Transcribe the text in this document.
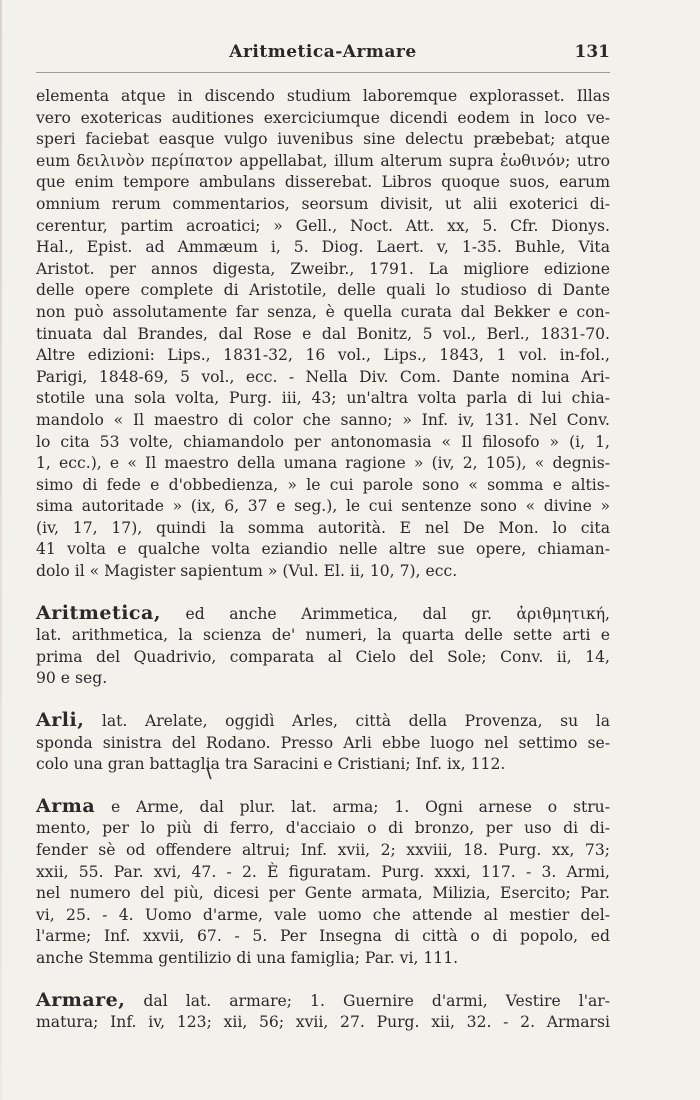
Aritmetica-Armare	131
elementa atque in discendo studium laboremque explorasset. Illas
vero exotericas auditiones exerciciumque dicendi eodem in loco ve-
speri faciebat easque vulgo iuvenibus sine delectu præbebat; atque
eum δειλινὸν περίπατον appellabat, illum alterum supra ἑωθινόν; utro
que enim tempore ambulans disserebat. Libros quoque suos, earum
omnium rerum commentarios, seorsum divisit, ut alii exoterici di-
cerentur, partim acroatici; » Gell., Noct. Att. xx, 5. Cfr. Dionys.
Hal., Epist. ad Ammæum i, 5. Diog. Laert. v, 1-35. Buhle, Vita
Aristot. per annos digesta, Zweibr., 1791. La migliore edizione
delle opere complete di Aristotile, delle quali lo studioso di Dante
non può assolutamente far senza, è quella curata dal Bekker e con-
tinuata dal Brandes, dal Rose e dal Bonitz, 5 vol., Berl., 1831-70.
Altre edizioni: Lips., 1831-32, 16 vol., Lips., 1843, 1 vol. in-fol.,
Parigi, 1848-69, 5 vol., ecc. - Nella Div. Com. Dante nomina Ari-
stotile una sola volta, Purg. iii, 43; un'altra volta parla di lui chia-
mandolo « Il maestro di color che sanno; » Inf. iv, 131. Nel Conv.
lo cita 53 volte, chiamandolo per antonomasia « Il filosofo » (i, 1,
1, ecc.), e « Il maestro della umana ragione » (iv, 2, 105), « degnis-
simo di fede e d'obbedienza, » le cui parole sono « somma e altis-
sima autoritade » (ix, 6, 37 e seg.), le cui sentenze sono « divine »
(iv, 17, 17), quindi la somma autorità. E nel De Mon. lo cita
41 volta e qualche volta eziandio nelle altre sue opere, chiaman-
dolo il « Magister sapientum » (Vul. El. ii, 10, 7), ecc.
Aritmetica, ed anche Arimmetica, dal gr. ἀριθμητική,
lat. arithmetica, la scienza de' numeri, la quarta delle sette arti e
prima del Quadrivio, comparata al Cielo del Sole; Conv. ii, 14,
90 e seg.
Arli, lat. Arelate, oggidì Arles, città della Provenza, su la
sponda sinistra del Rodano. Presso Arli ebbe luogo nel settimo se-
colo una gran battaglia tra Saracini e Cristiani; Inf. ix, 112.
Arma e Arme, dal plur. lat. arma; 1. Ogni arnese o stru-
mento, per lo più di ferro, d'acciaio o di bronzo, per uso di di-
fender sè od offendere altrui; Inf. xvii, 2; xxviii, 18. Purg. xx, 73;
xxii, 55. Par. xvi, 47. - 2. È figuratam. Purg. xxxi, 117. - 3. Armi,
nel numero del più, dicesi per Gente armata, Milizia, Esercito; Par.
vi, 25. - 4. Uomo d'arme, vale uomo che attende al mestier del-
l'arme; Inf. xxvii, 67. - 5. Per Insegna di città o di popolo, ed
anche Stemma gentilizio di una famiglia; Par. vi, 111.
Armare, dal lat. armare; 1. Guernire d'armi, Vestire l'ar-
matura; Inf. iv, 123; xii, 56; xvii, 27. Purg. xii, 32. - 2. Armarsi
